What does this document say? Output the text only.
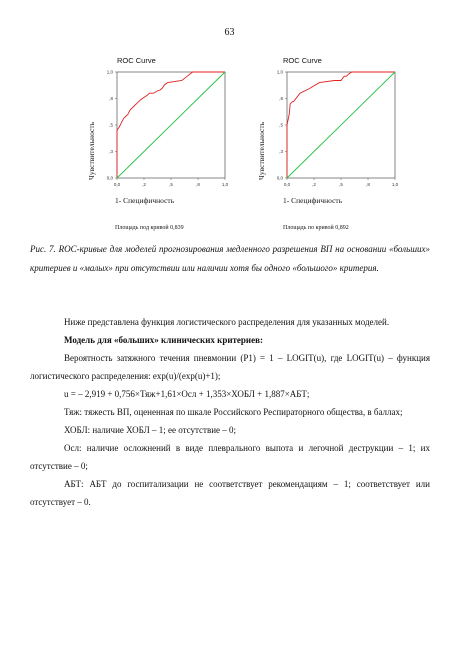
63
ROC Curve
Чувствительность
0,0	,2	,5	,8	1,0
1,0
,8
,5
,3
0,0
1- Специфичность
Площадь под кривой 0,839
ROC Curve
Чувствительность
0,0	,2	,5	,8	1,0
1,0
,8
,5
,3
0,0
1- Специфичность
Площадь по кривой 0,892
Рис. 7. ROC-кривые для моделей прогнозирования медленного разрешения ВП на основании «больших» критериев и «малых» при отсутствии или наличии хотя бы одного «большого» критерия.

Ниже представлена функция логистического распределения для указанных моделей.

Модель для «больших» клинических критериев:

Вероятность затяжного течения пневмонии (P1) = 1 – LOGIT(u), где LOGIT(u) – функция логистического распределения: exp(u)/(exp(u)+1);

u = – 2,919 + 0,756×Тяж+1,61×Осл + 1,353×ХОБЛ + 1,887×АБТ;

Тяж: тяжесть ВП, оцененная по шкале Российского Респираторного общества, в баллах;

ХОБЛ: наличие ХОБЛ – 1; ее отсутствие – 0;

Осл: наличие осложнений в виде плеврального выпота и легочной деструкции – 1; их отсутствие – 0;

АБТ: АБТ до госпитализации не соответствует рекомендациям – 1; соответствует или отсутствует – 0.
